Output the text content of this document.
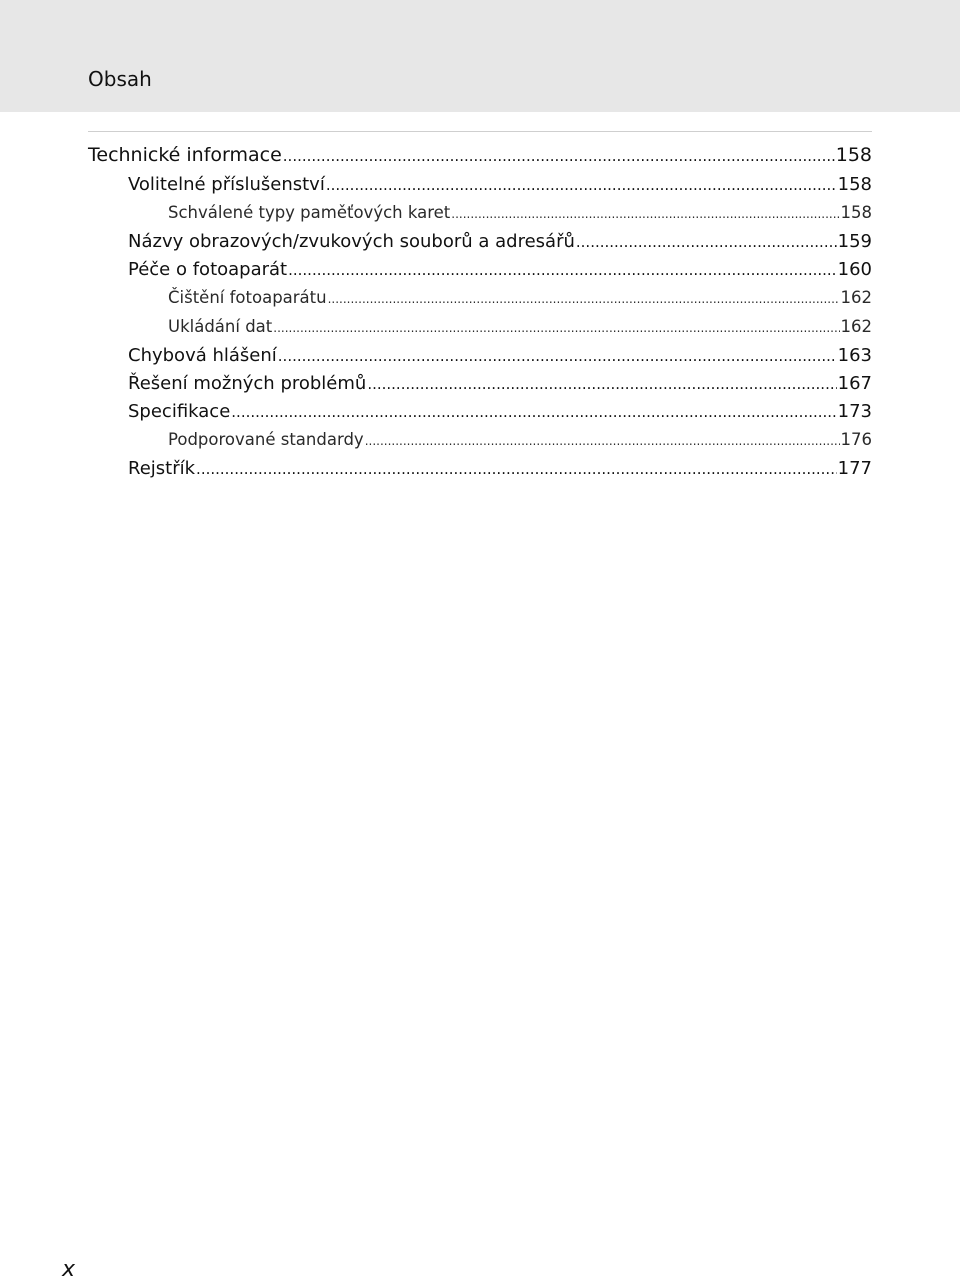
Obsah
Technické informace .....	158
Volitelné příslušenství .....	158
Schválené typy paměťových karet .....	158
Názvy obrazových/zvukových souborů a adresářů .....	159
Péče o fotoaparát .....	160
Čištění fotoaparátu .....	162
Ukládání dat .....	162
Chybová hlášení .....	163
Řešení možných problémů .....	167
Specifikace .....	173
Podporované standardy .....	176
Rejstřík .....	177
x
